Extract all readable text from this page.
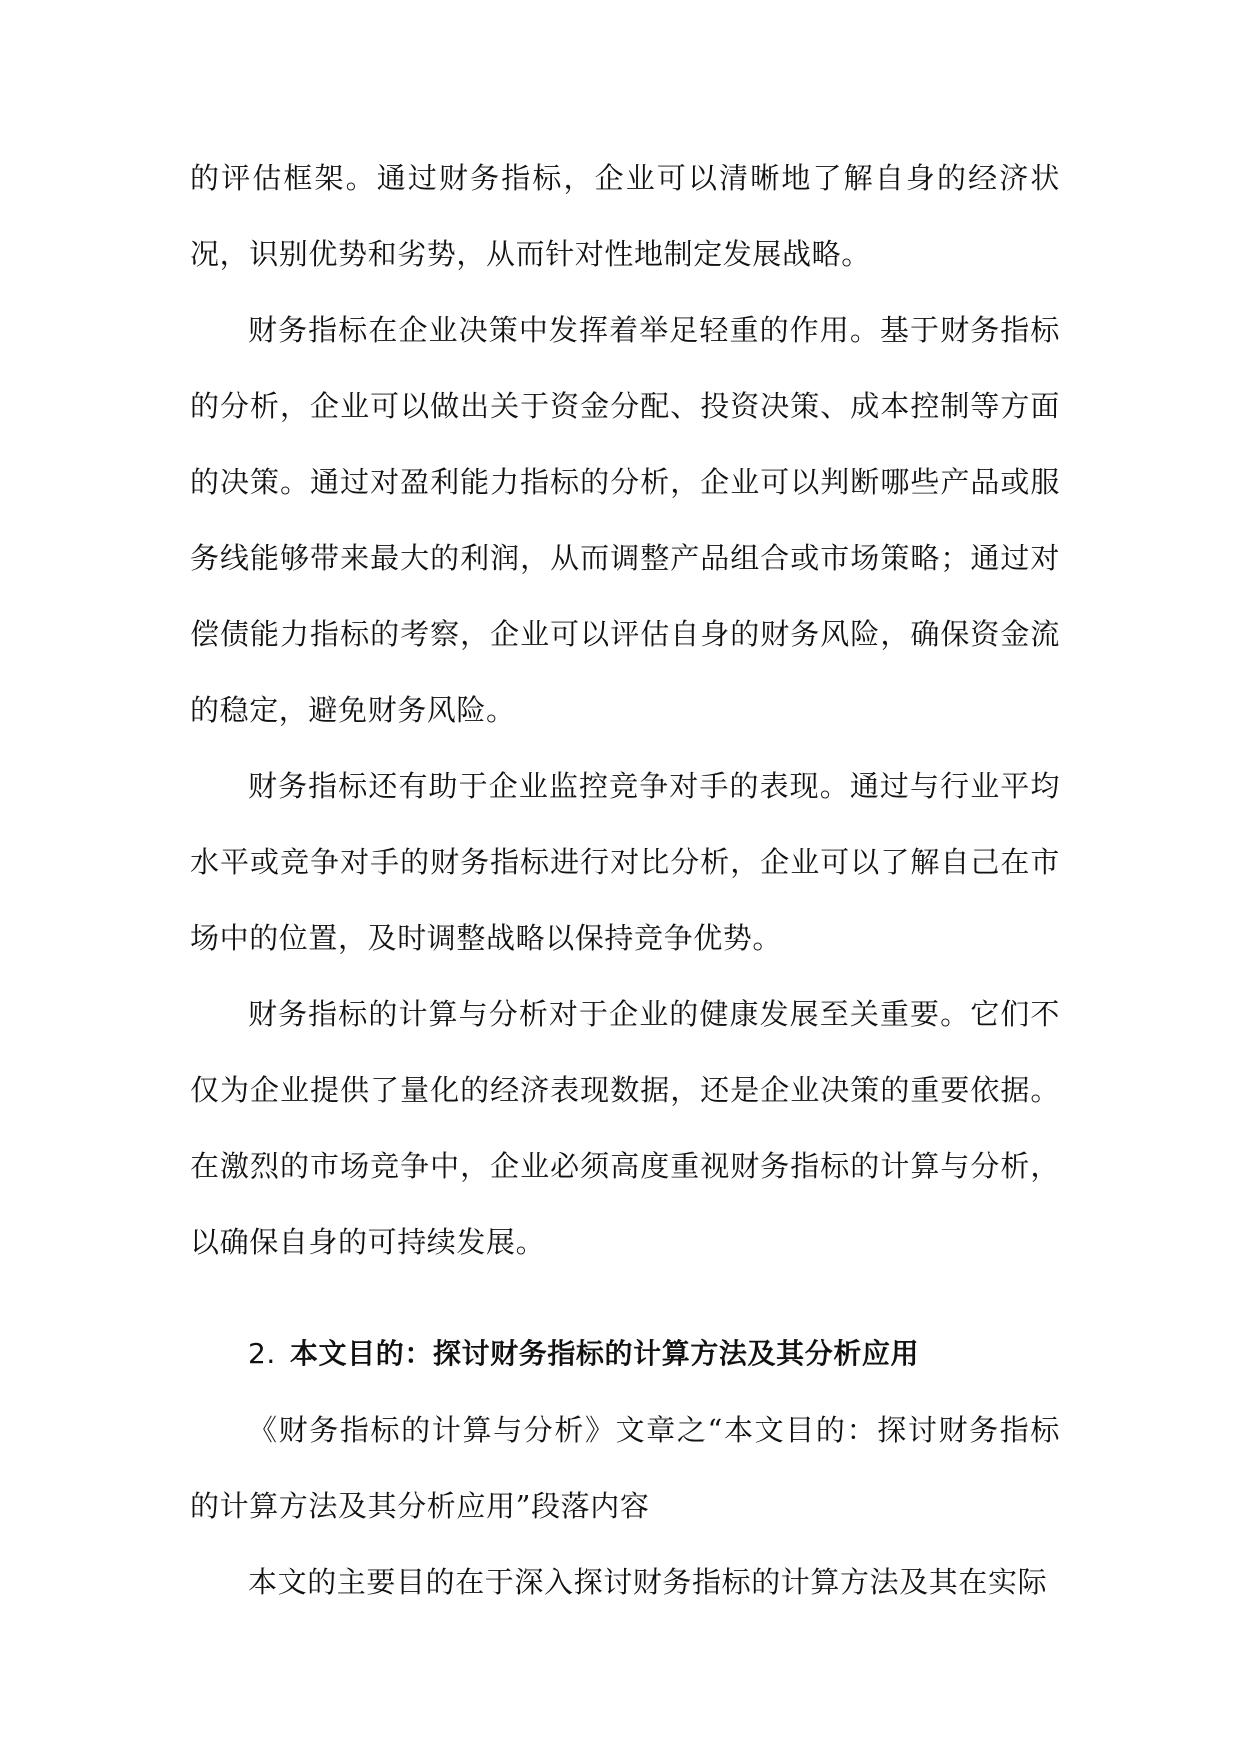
的评估框架。通过财务指标，企业可以清晰地了解自身的经济状况，识别优势和劣势，从而针对性地制定发展战略。

财务指标在企业决策中发挥着举足轻重的作用。基于财务指标的分析，企业可以做出关于资金分配、投资决策、成本控制等方面的决策。通过对盈利能力指标的分析，企业可以判断哪些产品或服务线能够带来最大的利润，从而调整产品组合或市场策略；通过对偿债能力指标的考察，企业可以评估自身的财务风险，确保资金流的稳定，避免财务风险。

财务指标还有助于企业监控竞争对手的表现。通过与行业平均水平或竞争对手的财务指标进行对比分析，企业可以了解自己在市场中的位置，及时调整战略以保持竞争优势。

财务指标的计算与分析对于企业的健康发展至关重要。它们不仅为企业提供了量化的经济表现数据，还是企业决策的重要依据。在激烈的市场竞争中，企业必须高度重视财务指标的计算与分析，以确保自身的可持续发展。

2. 本文目的：探讨财务指标的计算方法及其分析应用

《财务指标的计算与分析》文章之“本文目的：探讨财务指标的计算方法及其分析应用”段落内容

本文的主要目的在于深入探讨财务指标的计算方法及其在实际
